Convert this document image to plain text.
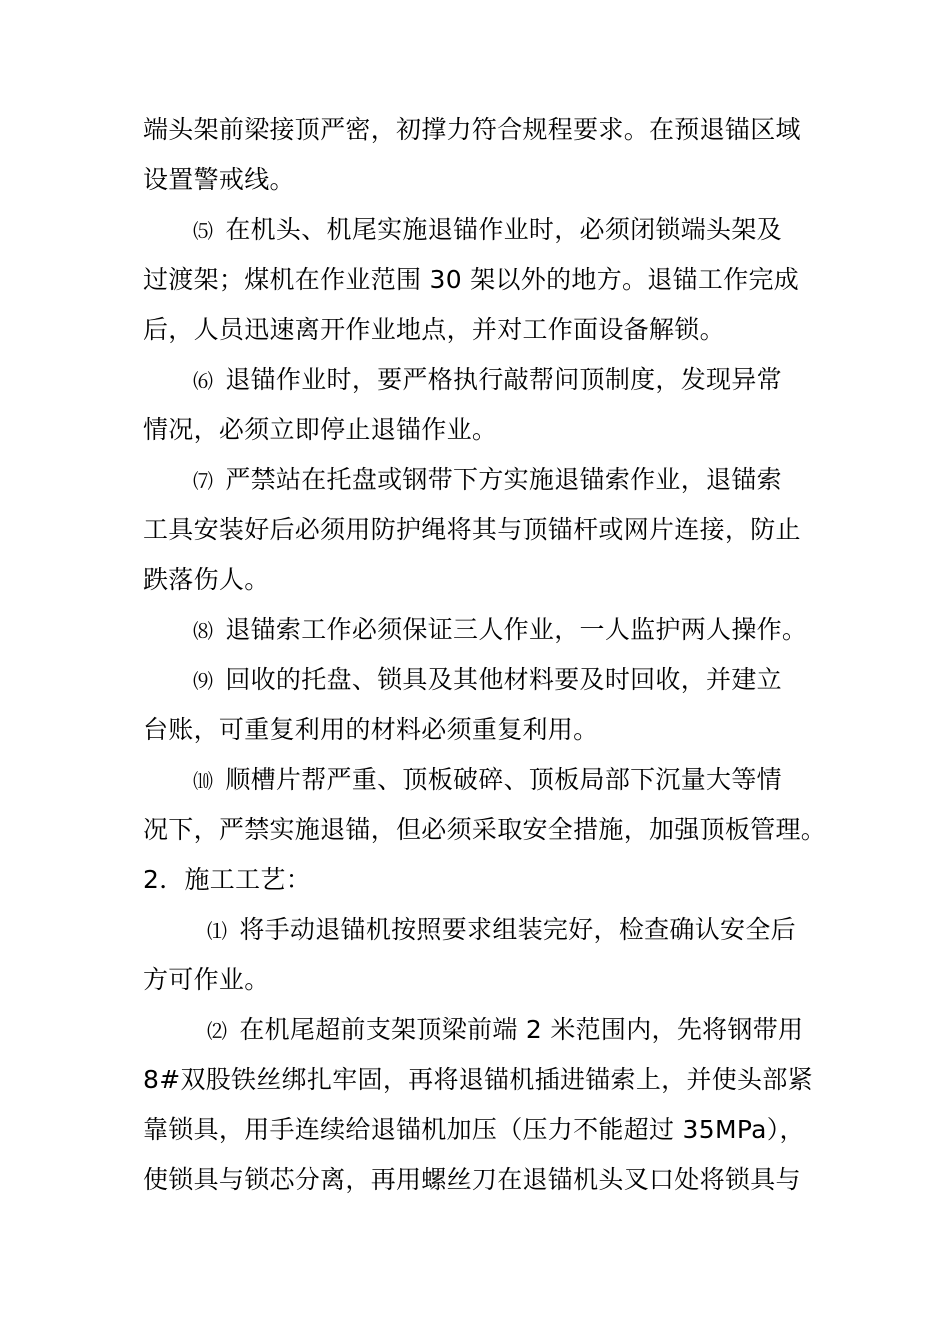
端头架前梁接顶严密，初撑力符合规程要求。在预退锚区域
设置警戒线。
⑸ 在机头、机尾实施退锚作业时，必须闭锁端头架及
过渡架；煤机在作业范围 30 架以外的地方。退锚工作完成
后，人员迅速离开作业地点，并对工作面设备解锁。
⑹ 退锚作业时，要严格执行敲帮问顶制度，发现异常
情况，必须立即停止退锚作业。
⑺ 严禁站在托盘或钢带下方实施退锚索作业，退锚索
工具安装好后必须用防护绳将其与顶锚杆或网片连接，防止
跌落伤人。
⑻ 退锚索工作必须保证三人作业，一人监护两人操作。
⑼ 回收的托盘、锁具及其他材料要及时回收，并建立
台账，可重复利用的材料必须重复利用。
⑽ 顺槽片帮严重、顶板破碎、顶板局部下沉量大等情
况下，严禁实施退锚，但必须采取安全措施，加强顶板管理。
2．施工工艺：
⑴ 将手动退锚机按照要求组装完好，检查确认安全后
方可作业。
⑵ 在机尾超前支架顶梁前端 2 米范围内，先将钢带用
8#双股铁丝绑扎牢固，再将退锚机插进锚索上，并使头部紧
靠锁具，用手连续给退锚机加压（压力不能超过 35MPa），
使锁具与锁芯分离，再用螺丝刀在退锚机头叉口处将锁具与
